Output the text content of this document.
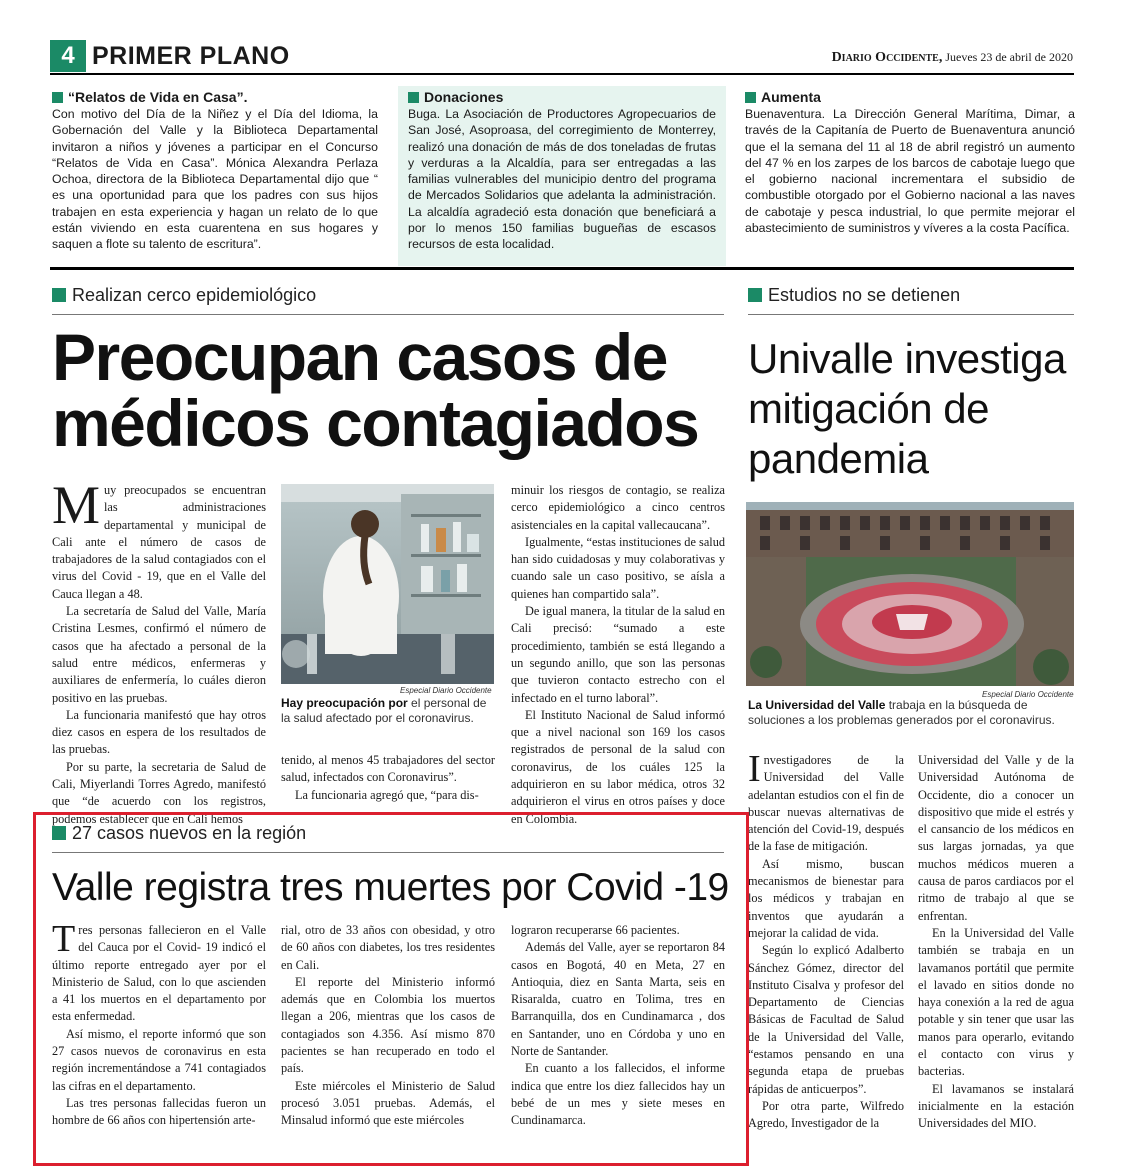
4 PRIMER PLANO	Diario Occidente, Jueves 23 de abril de 2020
“Relatos de Vida en Casa”.
Con motivo del Día de la Niñez y el Día del Idioma, la Gobernación del Valle y la Biblioteca Departamental invitaron a niños y jóvenes a participar en el Concurso “Relatos de Vida en Casa”. Mónica Alexandra Perlaza Ochoa, directora de la Biblioteca Departamental dijo que “ es una oportunidad para que los padres con sus hijos trabajen en esta experiencia y hagan un relato de lo que están viviendo en esta cuarentena en sus hogares y saquen a flote su talento de escritura”.
Donaciones
Buga. La Asociación de Productores Agropecuarios de San José, Asoproasa, del corregimiento de Monterrey, realizó una donación de más de dos toneladas de frutas y verduras a la Alcaldía, para ser entregadas a las familias vulnerables del municipio dentro del programa de Mercados Solidarios que adelanta la administración. La alcaldía agradeció esta donación que beneficiará a por lo menos 150 familias bugueñas de escasos recursos de esta localidad.
Aumenta
Buenaventura. La Dirección General Marítima, Dimar, a través de la Capitanía de Puerto de Buenaventura anunció que el la semana del 11 al 18 de abril registró un aumento del 47 % en los zarpes de los barcos de cabotaje luego que el gobierno nacional incrementara el subsidio de combustible otorgado por el Gobierno nacional a las naves de cabotaje y pesca industrial, lo que permite mejorar el abastecimiento de suministros y víveres a la costa Pacífica.
Realizan cerco epidemiológico	Estudios no se detienen
Preocupan casos de médicos contagiados
Univalle investiga mitigación de pandemia

Muy preocupados se encuentran las administraciones departamental y municipal de Cali ante el número de casos de trabajadores de la salud contagiados con el virus del Covid - 19, que en el Valle del Cauca llegan a 48.

La secretaría de Salud del Valle, María Cristina Lesmes, confirmó el número de casos que ha afectado a personal de la salud entre médicos, enfermeras y auxiliares de enfermería, lo cuáles dieron positivo en las pruebas.

La funcionaria manifestó que hay otros diez casos en espera de los resultados de las pruebas.

Por su parte, la secretaria de Salud de Cali, Miyerlandi Torres Agredo, manifestó que “de acuerdo con los registros, podemos establecer que en Cali hemos

Especial Diario Occidente
Hay preocupación por el personal de la salud afectado por el coronavirus.

tenido, al menos 45 trabajadores del sector salud, infectados con Coronavirus”.

La funcionaria agregó que, “para dis-

minuir los riesgos de contagio, se realiza cerco epidemiológico a cinco centros asistenciales en la capital vallecaucana”.

Igualmente, “estas instituciones de salud han sido cuidadosas y muy colaborativas y cuando sale un caso positivo, se aísla a quienes han compartido sala”.

De igual manera, la titular de la salud en Cali precisó: “sumado a este procedimiento, también se está llegando a un segundo anillo, que son las personas que tuvieron contacto estrecho con el infectado en el turno laboral”.

El Instituto Nacional de Salud informó que a nivel nacional son 169 los casos registrados de personal de la salud con coronavirus, de los cuáles 125 la adquirieron en su labor médica, otros 32 adquirieron el virus en otros países y doce en Colombia.

Especial Diario Occidente
La Universidad del Valle trabaja en la búsqueda de soluciones a los problemas generados por el coronavirus.

Investigadores de la Universidad del Valle adelantan estudios con el fin de buscar nuevas alternativas de atención del Covid-19, después de la fase de mitigación.

Así mismo, buscan mecanismos de bienestar para los médicos y trabajan en inventos que ayudarán a mejorar la calidad de vida.

Según lo explicó Adalberto Sánchez Gómez, director del Instituto Cisalva y profesor del Departamento de Ciencias Básicas de Facultad de Salud de la Universidad del Valle, “estamos pensando en una segunda etapa de pruebas rápidas de anticuerpos”.

Por otra parte, Wilfredo Agredo, Investigador de la

Universidad del Valle y de la Universidad Autónoma de Occidente, dio a conocer un dispositivo que mide el estrés y el cansancio de los médicos en sus largas jornadas, ya que muchos médicos mueren a causa de paros cardiacos por el ritmo de trabajo al que se enfrentan.

En la Universidad del Valle también se trabaja en un lavamanos portátil que permite el lavado en sitios donde no haya conexión a la red de agua potable y sin tener que usar las manos para operarlo, evitando el contacto con virus y bacterias.

El lavamanos se instalará inicialmente en la estación Universidades del MIO.

27 casos nuevos en la región
Valle registra tres muertes por Covid -19

Tres personas fallecieron en el Valle del Cauca por el Covid- 19 indicó el último reporte entregado ayer por el Ministerio de Salud, con lo que ascienden a 41 los muertos en el departamento por esta enfermedad.

Así mismo, el reporte informó que son 27 casos nuevos de coronavirus en esta región incrementándose a 741 contagiados las cifras en el departamento.

Las tres personas fallecidas fueron un hombre de 66 años con hipertensión arte-

rial, otro de 33 años con obesidad, y otro de 60 años con diabetes, los tres residentes en Cali.

El reporte del Ministerio informó además que en Colombia los muertos llegan a 206, mientras que los casos de contagiados son 4.356. Así mismo 870 pacientes se han recuperado en todo el país.

Este miércoles el Ministerio de Salud procesó 3.051 pruebas. Además, el Minsalud informó que este miércoles

lograron recuperarse 66 pacientes.

Además del Valle, ayer se reportaron 84 casos en Bogotá, 40 en Meta, 27 en Antioquia, diez en Santa Marta, seis en Risaralda, cuatro en Tolima, tres en Barranquilla, dos en Cundinamarca , dos en Santander, uno en Córdoba y uno en Norte de Santander.

En cuanto a los fallecidos, el informe indica que entre los diez fallecidos hay un bebé de un mes y siete meses en Cundinamarca.
